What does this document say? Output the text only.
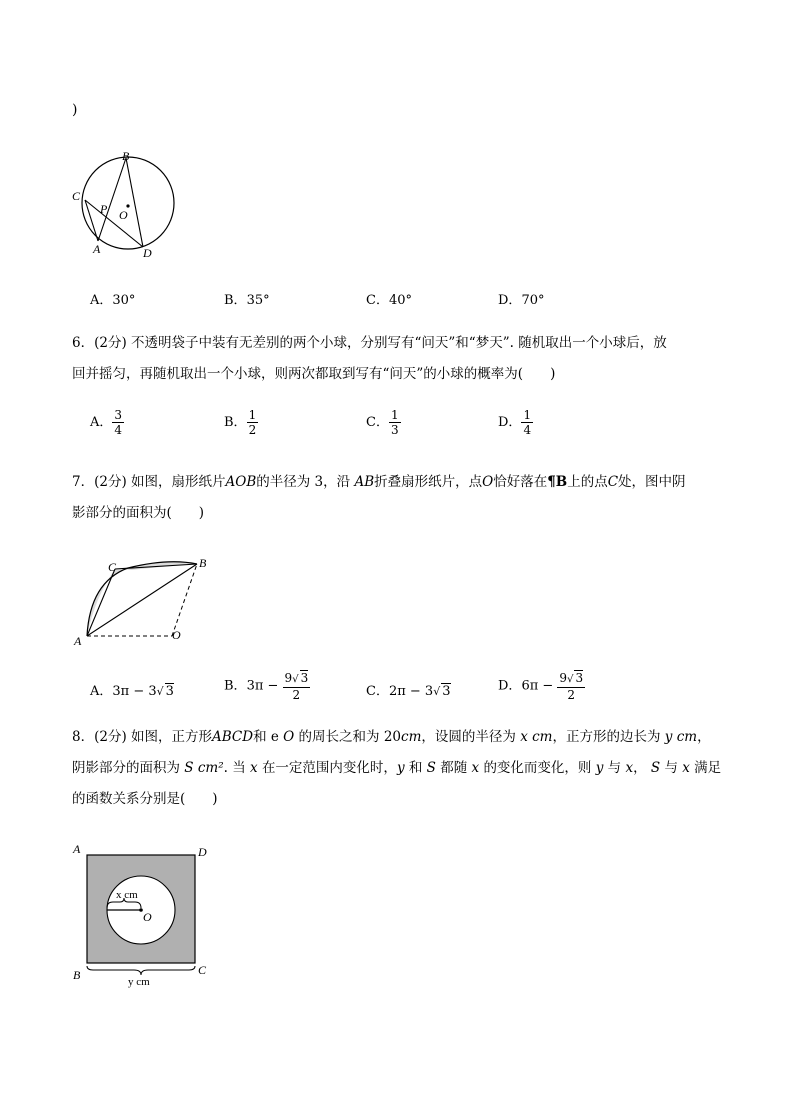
)
B
C
P O
A	D
A．30°	B．35°	C．40°	D．70°
6．(2分) 不透明袋子中装有无差别的两个小球，分别写有“问天”和“梦天”. 随机取出一个小球后，放
回并摇匀，再随机取出一个小球，则两次都取到写有“问天”的小球的概率为(　　)
A． $\frac{3}{4}$	B． $\frac{1}{2}$	C． $\frac{1}{3}$	D． $\frac{1}{4}$
7．(2分) 如图，扇形纸片AOB的半径为 3，沿 AB折叠扇形纸片，点O恰好落在¶B上的点C处，图中阴
影部分的面积为(　　)
C	B
A	O
A．3π − 3√ 3	B．$3\pi - \frac{9√ 3}{2}$	C．2π − 3√ 3	D．$6\pi - \frac{9√ 3}{2}$
8．(2分) 如图，正方形ABCD和 e O 的周长之和为 20cm，设圆的半径为 x cm，正方形的边长为 y cm，
阴影部分的面积为 S cm². 当 x 在一定范围内变化时，y 和 S 都随 x 的变化而变化，则 y 与 x， S 与 x 满足
的函数关系分别是(　　)
A	D
B	C
O
x cm
y cm
